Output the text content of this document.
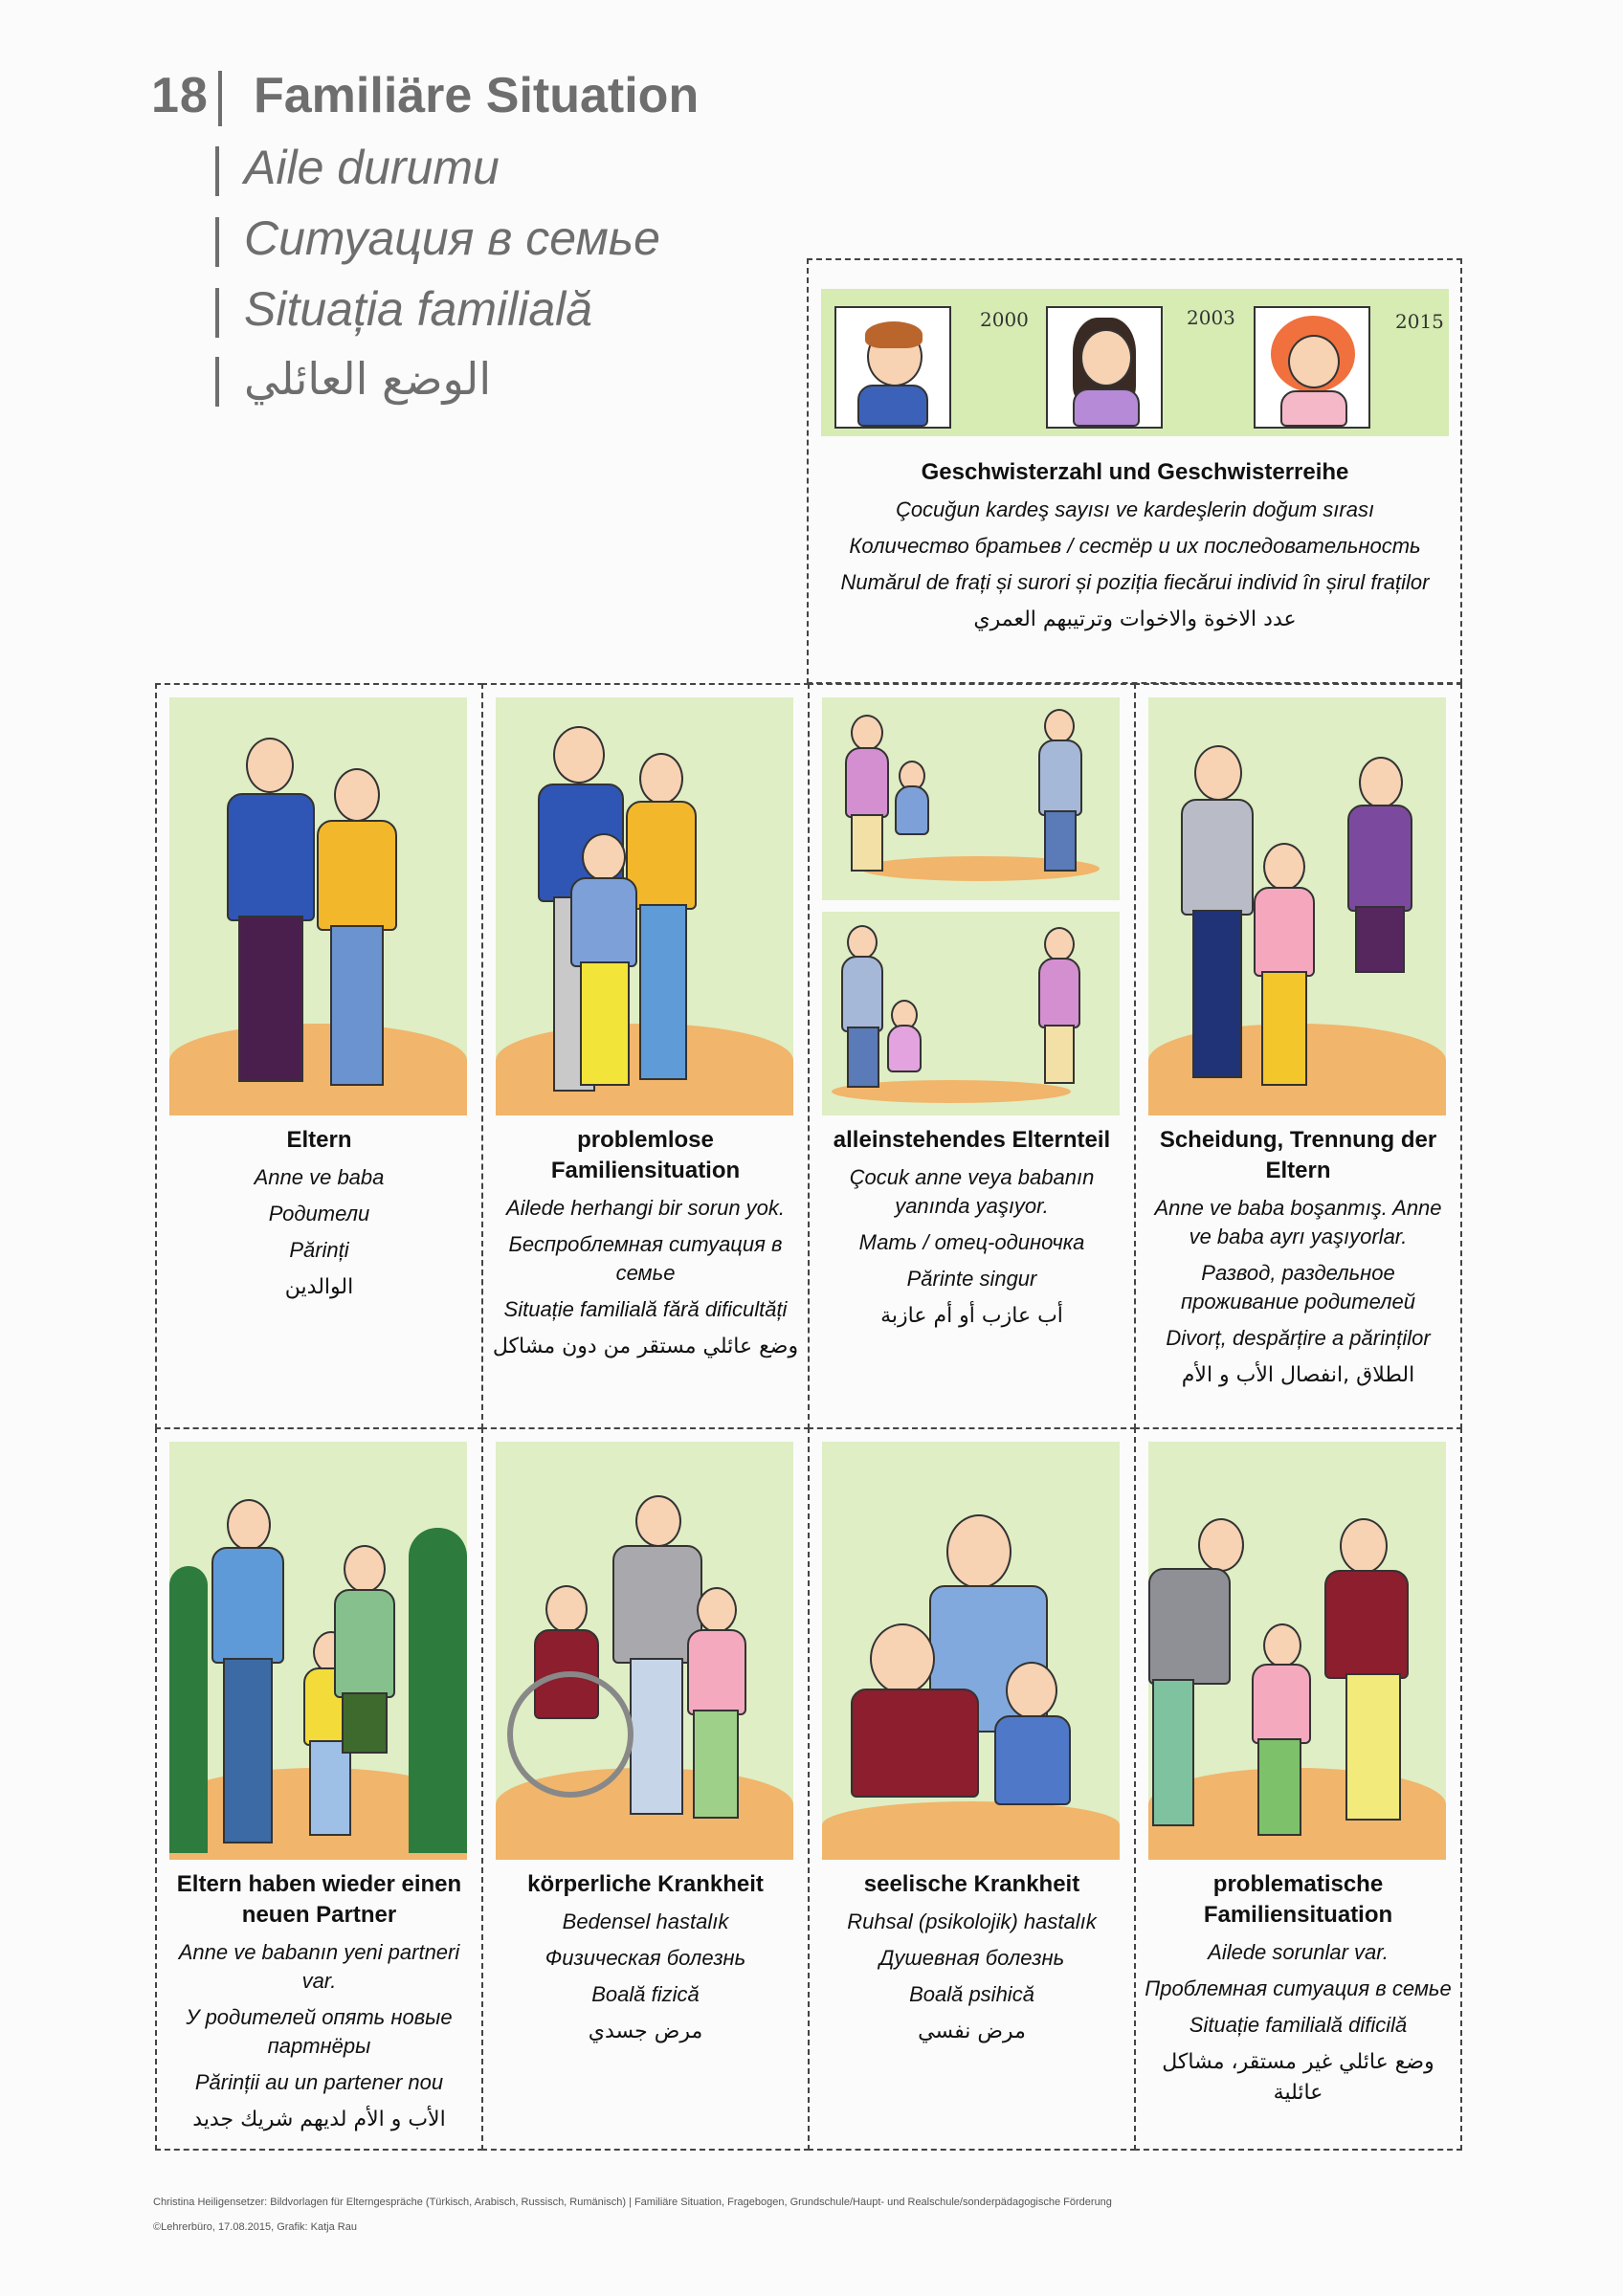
18 Familiäre Situation
Aile durumu
Ситуация в семье
Situația familială
الوضع العائلي
2000	2003	2015
Geschwisterzahl und Geschwisterreihe
Çocuğun kardeş sayısı ve kardeşlerin doğum sırası
Количество братьев / сестёр и их последовательность
Numărul de frați și surori și poziția fiecărui individ în șirul fraților
عدد الاخوة والاخوات وترتيبهم العمري
Eltern
Anne ve baba
Родители
Părinți
الوالدين
problemlose Familiensituation
Ailede herhangi bir sorun yok.
Беспроблемная ситуация в семье
Situație familială fără dificultăți
وضع عائلي مستقر من دون مشاكل
alleinstehendes Elternteil
Çocuk anne veya babanın yanında yaşıyor.
Мать / отец-одиночка
Părinte singur
أب عازب أو أم عازبة
Scheidung, Trennung der Eltern
Anne ve baba boşanmış. Anne ve baba ayrı yaşıyorlar.
Развод, раздельное проживание родителей
Divorț, despărțire a părinților
الطلاق ,انفصال الأب و الأم
Eltern haben wieder einen neuen Partner
Anne ve babanın yeni partneri var.
У родителей опять новые партнёры
Părinții au un partener nou
الأب و الأم لديهم شريك جديد
körperliche Krankheit
Bedensel hastalık
Физическая болезнь
Boală fizică
مرض جسدي
seelische Krankheit
Ruhsal (psikolojik) hastalık
Душевная болезнь
Boală psihică
مرض نفسي
problematische Familiensituation
Ailede sorunlar var.
Проблемная ситуация в семье
Situație familială dificilă
وضع عائلي غير مستقر، مشاكل عائلية
Christina Heiligensetzer: Bildvorlagen für Elterngespräche (Türkisch, Arabisch, Russisch, Rumänisch) | Familiäre Situation, Fragebogen, Grundschule/Haupt- und Realschule/sonderpädagogische Förderung
©Lehrerbüro, 17.08.2015, Grafik: Katja Rau
